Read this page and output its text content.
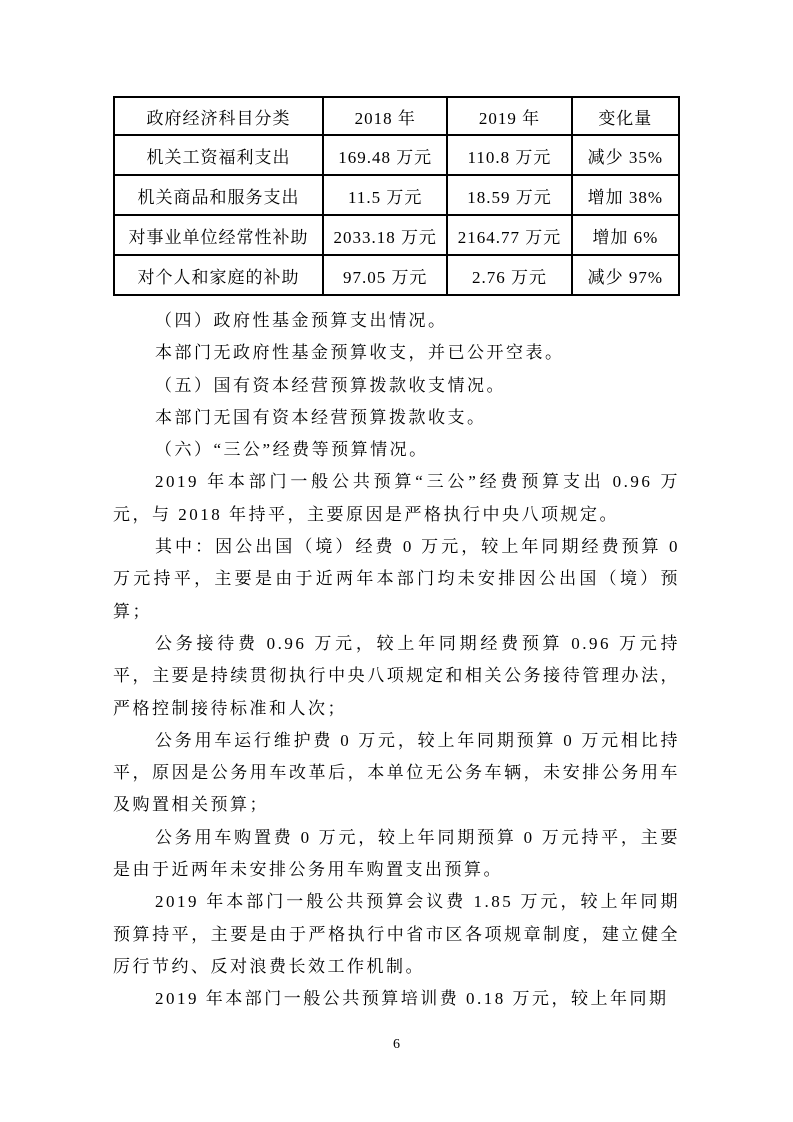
政府经济科目分类	2018 年	2019 年	变化量
机关工资福利支出	169.48 万元	110.8 万元	减少 35%
机关商品和服务支出	11.5 万元	18.59 万元	增加 38%
对事业单位经常性补助	2033.18 万元	2164.77 万元	增加 6%
对个人和家庭的补助	97.05 万元	2.76 万元	减少 97%

（四）政府性基金预算支出情况。

本部门无政府性基金预算收支，并已公开空表。

（五）国有资本经营预算拨款收支情况。

本部门无国有资本经营预算拨款收支。

（六）“三公”经费等预算情况。

2019 年本部门一般公共预算“三公”经费预算支出 0.96 万元，与 2018 年持平，主要原因是严格执行中央八项规定。

其中：因公出国（境）经费 0 万元，较上年同期经费预算 0 万元持平，主要是由于近两年本部门均未安排因公出国（境）预算；

公务接待费 0.96 万元，较上年同期经费预算 0.96 万元持平，主要是持续贯彻执行中央八项规定和相关公务接待管理办法，严格控制接待标准和人次；

公务用车运行维护费 0 万元，较上年同期预算 0 万元相比持平，原因是公务用车改革后，本单位无公务车辆，未安排公务用车及购置相关预算；

公务用车购置费 0 万元，较上年同期预算 0 万元持平，主要是由于近两年未安排公务用车购置支出预算。

2019 年本部门一般公共预算会议费 1.85 万元，较上年同期预算持平，主要是由于严格执行中省市区各项规章制度，建立健全厉行节约、反对浪费长效工作机制。

2019 年本部门一般公共预算培训费 0.18 万元，较上年同期

6
